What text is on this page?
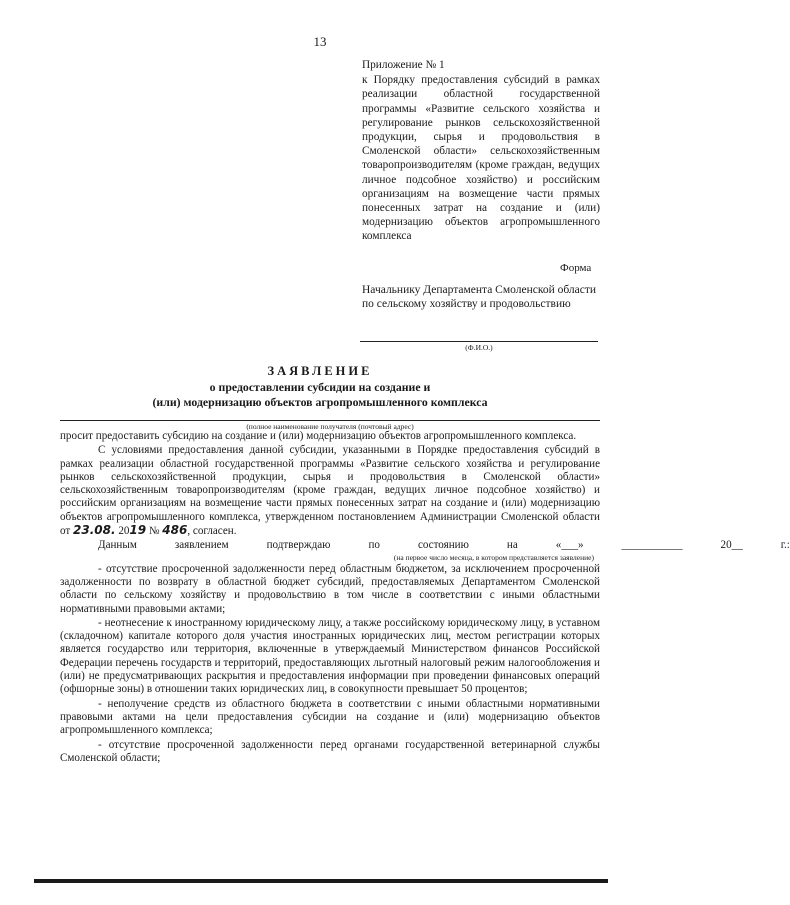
13
Приложение № 1
к Порядку предоставления субсидий в рамках реализации областной государственной программы «Развитие сельского хозяйства и регулирование рынков сельскохозяйственной продукции, сырья и продовольствия в Смоленской области» сельскохозяйственным товаропроизводителям (кроме граждан, ведущих личное подсобное хозяйство) и российским организациям на возмещение части прямых понесенных затрат на создание и (или) модернизацию объектов агропромышленного комплекса
Форма
Начальнику Департамента Смоленской области по сельскому хозяйству и продовольствию
(Ф.И.О.)
ЗАЯВЛЕНИЕ
о предоставлении субсидии на создание и
(или) модернизацию объектов агропромышленного комплекса
(полное наименование получателя (почтовый адрес)

просит предоставить субсидию на создание и (или) модернизацию объектов агропромышленного комплекса.

С условиями предоставления данной субсидии, указанными в Порядке предоставления субсидий в рамках реализации областной государственной программы «Развитие сельского хозяйства и регулирование рынков сельскохозяйственной продукции, сырья и продовольствия в Смоленской области» сельскохозяйственным товаропроизводителям (кроме граждан, ведущих личное подсобное хозяйство) и российским организациям на возмещение части прямых понесенных затрат на создание и (или) модернизацию объектов агропромышленного комплекса, утвержденном постановлением Администрации Смоленской области от 23.08. 2019 № 486, согласен.

Данным	заявлением	подтверждаю	по	состоянию	на	«___»	___________	20__	г.:
(на первое число месяца, в котором представляется заявление)

- отсутствие просроченной задолженности перед областным бюджетом, за исключением просроченной задолженности по возврату в областной бюджет субсидий, предоставляемых Департаментом Смоленской области по сельскому хозяйству и продовольствию в том числе в соответствии с иными областными нормативными правовыми актами;

- неотнесение к иностранному юридическому лицу, а также российскому юридическому лицу, в уставном (складочном) капитале которого доля участия иностранных юридических лиц, местом регистрации которых является государство или территория, включенные в утверждаемый Министерством финансов Российской Федерации перечень государств и территорий, предоставляющих льготный налоговый режим налогообложения и (или) не предусматривающих раскрытия и предоставления информации при проведении финансовых операций (офшорные зоны) в отношении таких юридических лиц, в совокупности превышает 50 процентов;

- неполучение средств из областного бюджета в соответствии с иными областными нормативными правовыми актами на цели предоставления субсидии на создание и (или) модернизацию объектов агропромышленного комплекса;

- отсутствие просроченной задолженности перед органами государственной ветеринарной службы Смоленской области;
